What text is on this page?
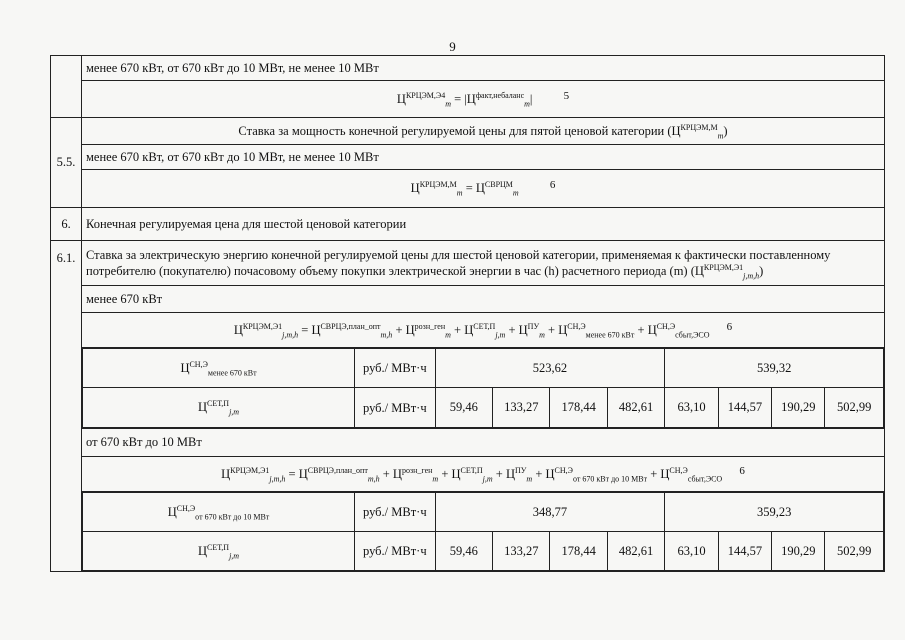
9
	менее 670 кВт, от 670 кВт до 10 МВт, не менее 10 МВт
$Ц^{КРЦЭМ,Э4}_m = |Ц^{факт,небаланс}_m|$	5
5.5.	Ставка за мощность конечной регулируемой цены для пятой ценовой категории $(Ц^{КРЦЭМ,М}_m)$
менее 670 кВт, от 670 кВт до 10 МВт, не менее 10 МВт
$Ц^{КРЦЭМ,М}_m = Ц^{СВРЦМ}_m$ 6
6.	Конечная регулируемая цена для шестой ценовой категории
6.1.	Ставка за электрическую энергию конечной регулируемой цены для шестой ценовой категории, применяемая к фактически поставленному потребителю (покупателю) почасовому объему покупки электрической энергии в час (h) расчетного периода (m) $(Ц^{КРЦЭМ,Э1}_{j,m,h})$
менее 670 кВт
$Ц^{КРЦЭМ,Э1}_{j,m,h} = Ц^{СВРЦЭ,план\_опт}_{m,h} + Ц^{розн\_ген}_m + Ц^{СЕТ,П}_{j,m} + Ц^{ПУ}_m + Ц^{СН,Э}_{менее 670 кВт} + Ц^{СН,Э}_{сбыт,ЭСО}$ 6

$Ц^{СН,Э}_{менее 670 кВт}$	руб./ МВт·ч	523,62	539,32
$Ц^{СЕТ,П}_{j,m}$	руб./ МВт·ч	59,46	133,27	178,44	482,61	63,10	144,57	190,29	502,99

от 670 кВт до 10 МВт
$Ц^{КРЦЭМ,Э1}_{j,m,h} = Ц^{СВРЦЭ,план\_опт}_{m,h} + Ц^{розн\_ген}_m + Ц^{СЕТ,П}_{j,m} + Ц^{ПУ}_m + Ц^{СН,Э}_{от 670 кВт до 10 МВт} + Ц^{СН,Э}_{сбыт,ЭСО}$ 6

$Ц^{СН,Э}_{от 670 кВт до 10 МВт}$	руб./ МВт·ч	348,77	359,23
$Ц^{СЕТ,П}_{j,m}$	руб./ МВт·ч	59,46	133,27	178,44	482,61	63,10	144,57	190,29	502,99
